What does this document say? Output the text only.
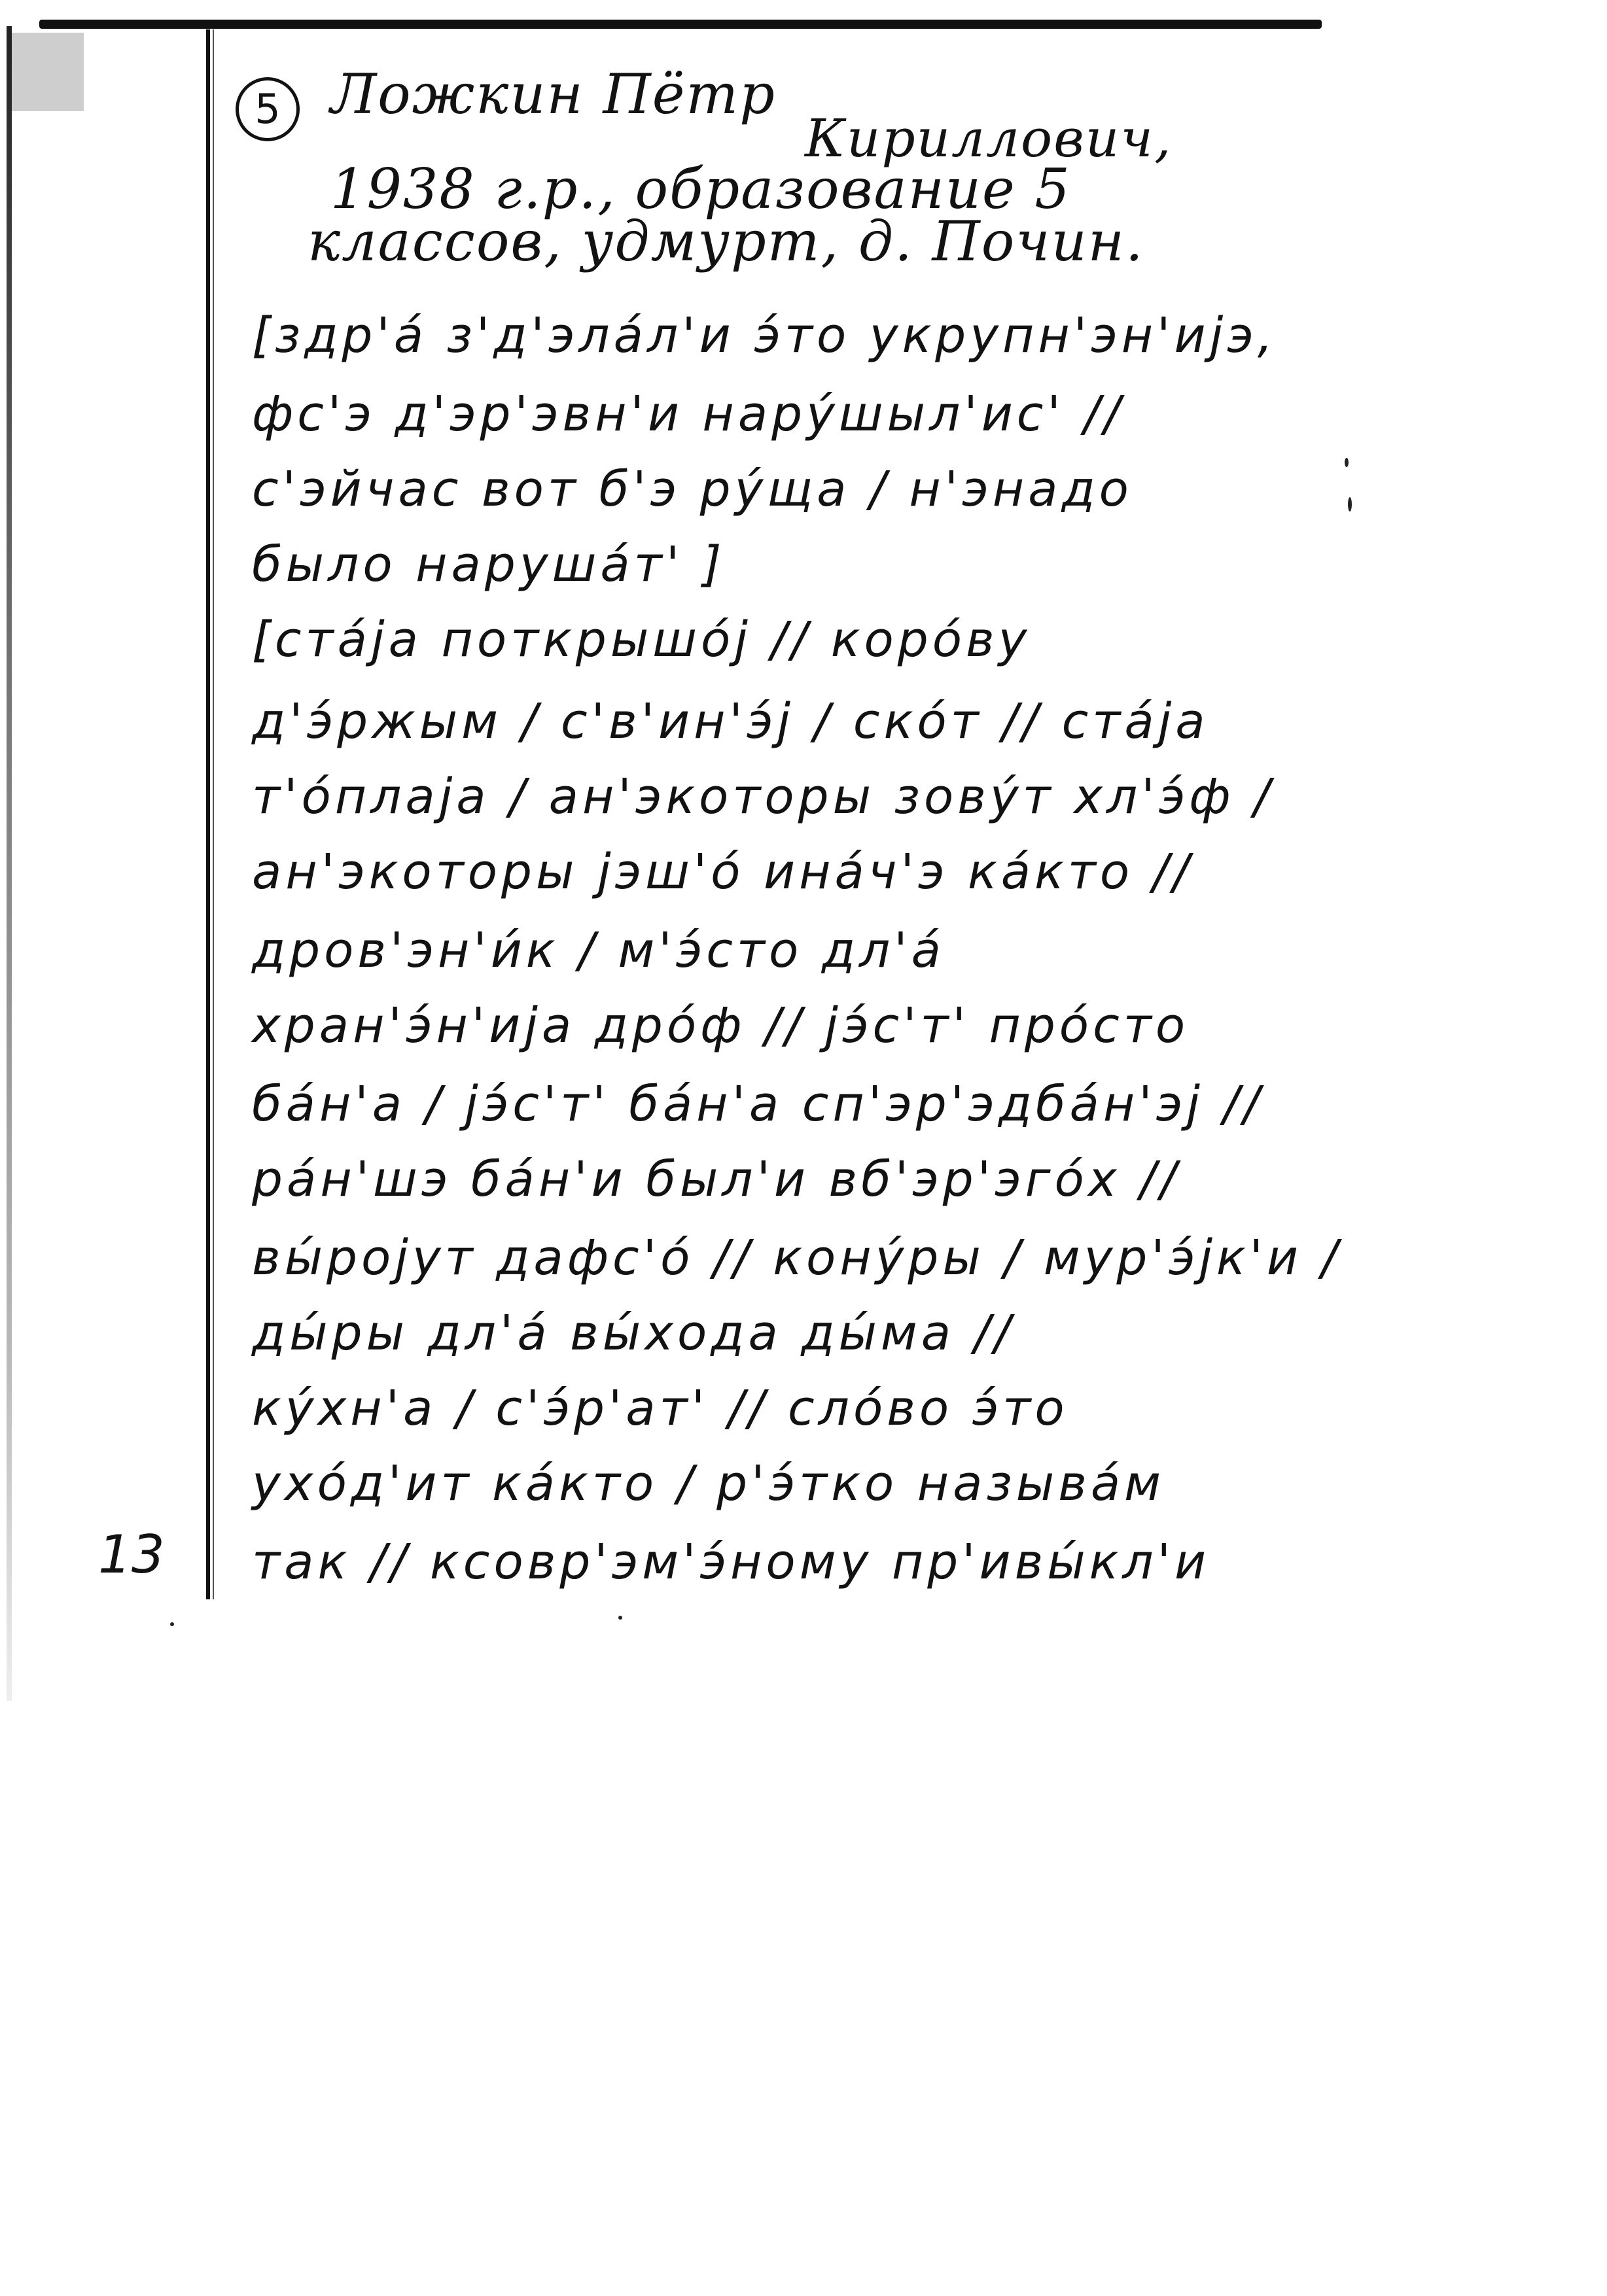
5 Ложкин Пётр
Кириллович,
1938 г.р., образование 5
классов, удмурт, д. Почин.
[здр'а́ з'д'эла́л'и э́то укрупн'эн'иjэ,
фс'э д'эр'эвн'и нару́шыл'ис' //
с'эйчас вот б'э ру́ща / н'энадо
было наруша́т' ]
[ста́jа поткрышо́j // коро́ву
д'э́ржым / с'в'ин'э́j / ско́т // ста́jа
т'о́плаjа / ан'экоторы зову́т хл'э́ф /
ан'экоторы jэш'о́ ина́ч'э ка́кто //
дров'эн'и́к / м'э́сто дл'а́
хран'э́н'иjа дро́ф // jэ́с'т' про́сто
ба́н'а / jэ́с'т' ба́н'а сп'эр'эдба́н'эj //
ра́н'шэ ба́н'и был'и вб'эр'эго́х //
вы́роjут дафс'о́ // кону́ры / мур'э́jк'и /
ды́ры дл'а́ вы́хода ды́ма //
ку́хн'а / с'э́р'ат' // сло́во э́то
ухо́д'ит ка́кто / р'э́тко называ́м
так // ксовр'эм'э́ному пр'ивы́кл'и
13
